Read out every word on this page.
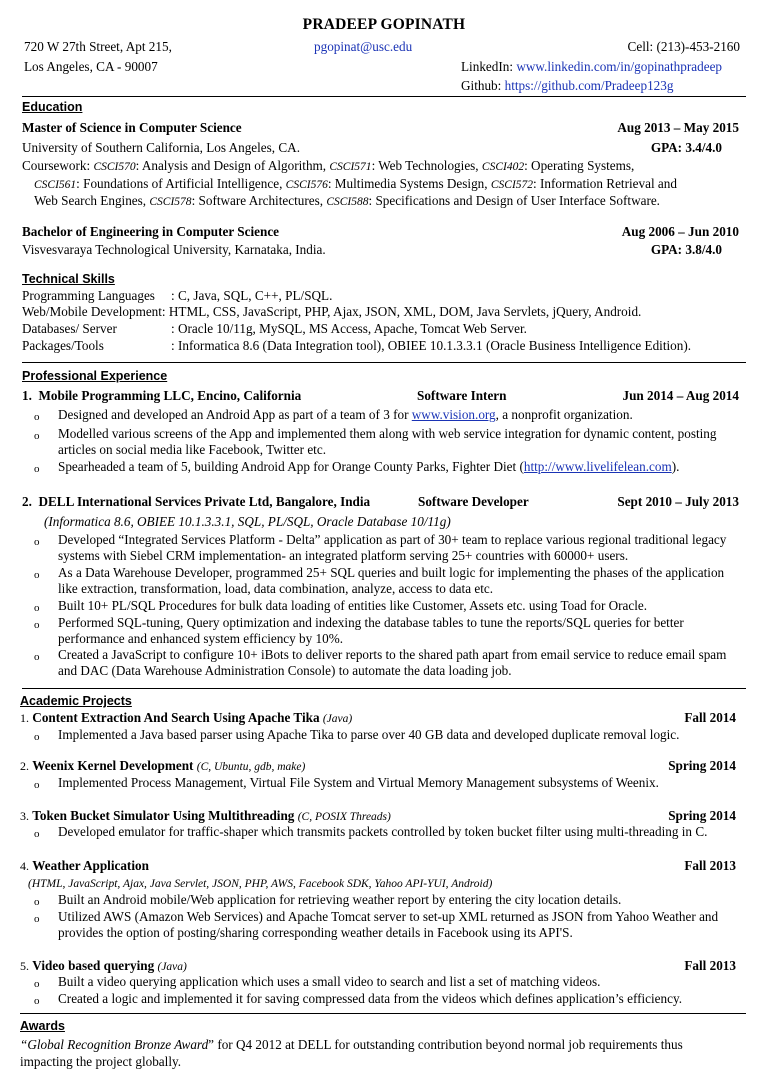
PRADEEP GOPINATH
720 W 27th Street, Apt 215,
Los Angeles, CA - 90007
pgopinat@usc.edu	Cell: (213)-453-2160
LinkedIn: www.linkedin.com/in/gopinathpradeep
Github: https://github.com/Pradeep123g
Education
Master of Science in Computer Science	Aug 2013 – May 2015
University of Southern California, Los Angeles, CA.	GPA: 3.4/4.0
Coursework: CSCI570: Analysis and Design of Algorithm, CSCI571: Web Technologies, CSCI402: Operating Systems,
CSCI561: Foundations of Artificial Intelligence, CSCI576: Multimedia Systems Design, CSCI572: Information Retrieval and
Web Search Engines, CSCI578: Software Architectures, CSCI588: Specifications and Design of User Interface Software.
Bachelor of Engineering in Computer Science	Aug 2006 – Jun 2010
Visvesvaraya Technological University, Karnataka, India.	GPA: 3.8/4.0
Technical Skills
Programming Languages : C, Java, SQL, C++, PL/SQL.
Web/Mobile Development: HTML, CSS, JavaScript, PHP, Ajax, JSON, XML, DOM, Java Servlets, jQuery, Android.
Databases/ Server	: Oracle 10/11g, MySQL, MS Access, Apache, Tomcat Web Server.
Packages/Tools	: Informatica 8.6 (Data Integration tool), OBIEE 10.1.3.3.1 (Oracle Business Intelligence Edition).
Professional Experience
1. Mobile Programming LLC, Encino, California	Software Intern	Jun 2014 – Aug 2014
o	Designed and developed an Android App as part of a team of 3 for www.vision.org, a nonprofit organization.
o	Modelled various screens of the App and implemented them along with web service integration for dynamic content, posting articles on social media like Facebook, Twitter etc.
o	Spearheaded a team of 5, building Android App for Orange County Parks, Fighter Diet (http://www.livelifelean.com).
2. DELL International Services Private Ltd, Bangalore, India	Software Developer	Sept 2010 – July 2013
(Informatica 8.6, OBIEE 10.1.3.3.1, SQL, PL/SQL, Oracle Database 10/11g)
o	Developed “Integrated Services Platform - Delta” application as part of 30+ team to replace various regional traditional legacy systems with Siebel CRM implementation- an integrated platform serving 25+ countries with 60000+ users.
o	As a Data Warehouse Developer, programmed 25+ SQL queries and built logic for implementing the phases of the application like extraction, transformation, load, data combination, analyze, access to data etc.
o	Built 10+ PL/SQL Procedures for bulk data loading of entities like Customer, Assets etc. using Toad for Oracle.
o	Performed SQL-tuning, Query optimization and indexing the database tables to tune the reports/SQL queries for better performance and enhanced system efficiency by 10%.
o	Created a JavaScript to configure 10+ iBots to deliver reports to the shared path apart from email service to reduce email spam and DAC (Data Warehouse Administration Console) to automate the data loading job.
Academic Projects
1. Content Extraction And Search Using Apache Tika (Java)	Fall 2014
o	Implemented a Java based parser using Apache Tika to parse over 40 GB data and developed duplicate removal logic.
2. Weenix Kernel Development (C, Ubuntu, gdb, make)	Spring 2014
o	Implemented Process Management, Virtual File System and Virtual Memory Management subsystems of Weenix.
3. Token Bucket Simulator Using Multithreading (C, POSIX Threads)	Spring 2014
o	Developed emulator for traffic-shaper which transmits packets controlled by token bucket filter using multi-threading in C.
4. Weather Application	Fall 2013
(HTML, JavaScript, Ajax, Java Servlet, JSON, PHP, AWS, Facebook SDK, Yahoo API-YUI, Android)
o	Built an Android mobile/Web application for retrieving weather report by entering the city location details.
o	Utilized AWS (Amazon Web Services) and Apache Tomcat server to set-up XML returned as JSON from Yahoo Weather and provides the option of posting/sharing corresponding weather details in Facebook using its API'S.
5. Video based querying (Java)	Fall 2013
o	Built a video querying application which uses a small video to search and list a set of matching videos.
o	Created a logic and implemented it for saving compressed data from the videos which defines application’s efficiency.
Awards
“Global Recognition Bronze Award” for Q4 2012 at DELL for outstanding contribution beyond normal job requirements thus impacting the project globally.
